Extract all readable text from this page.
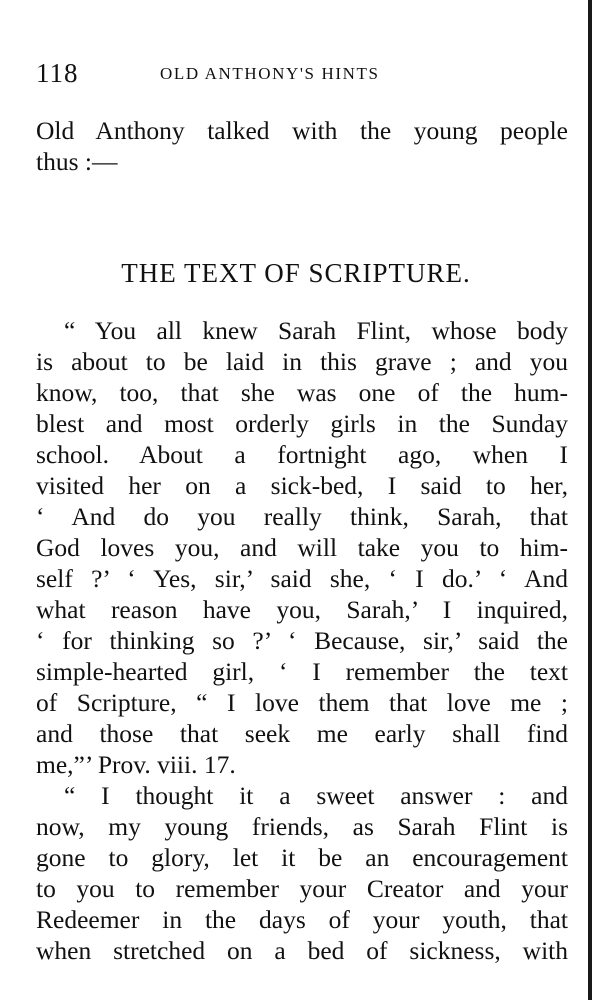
118	OLD ANTHONY'S HINTS
Old Anthony talked with the young people
thus :—
THE TEXT OF SCRIPTURE.
“ You all knew Sarah Flint, whose body
is about to be laid in this grave ; and you
know, too, that she was one of the hum-
blest and most orderly girls in the Sunday
school. About a fortnight ago, when I
visited her on a sick-bed, I said to her,
‘ And do you really think, Sarah, that
God loves you, and will take you to him-
self ?’ ‘ Yes, sir,’ said she, ‘ I do.’ ‘ And
what reason have you, Sarah,’ I inquired,
‘ for thinking so ?’ ‘ Because, sir,’ said the
simple-hearted girl, ‘ I remember the text
of Scripture, “ I love them that love me ;
and those that seek me early shall find
me,”’ Prov. viii. 17.
“ I thought it a sweet answer : and
now, my young friends, as Sarah Flint is
gone to glory, let it be an encouragement
to you to remember your Creator and your
Redeemer in the days of your youth, that
when stretched on a bed of sickness, with
